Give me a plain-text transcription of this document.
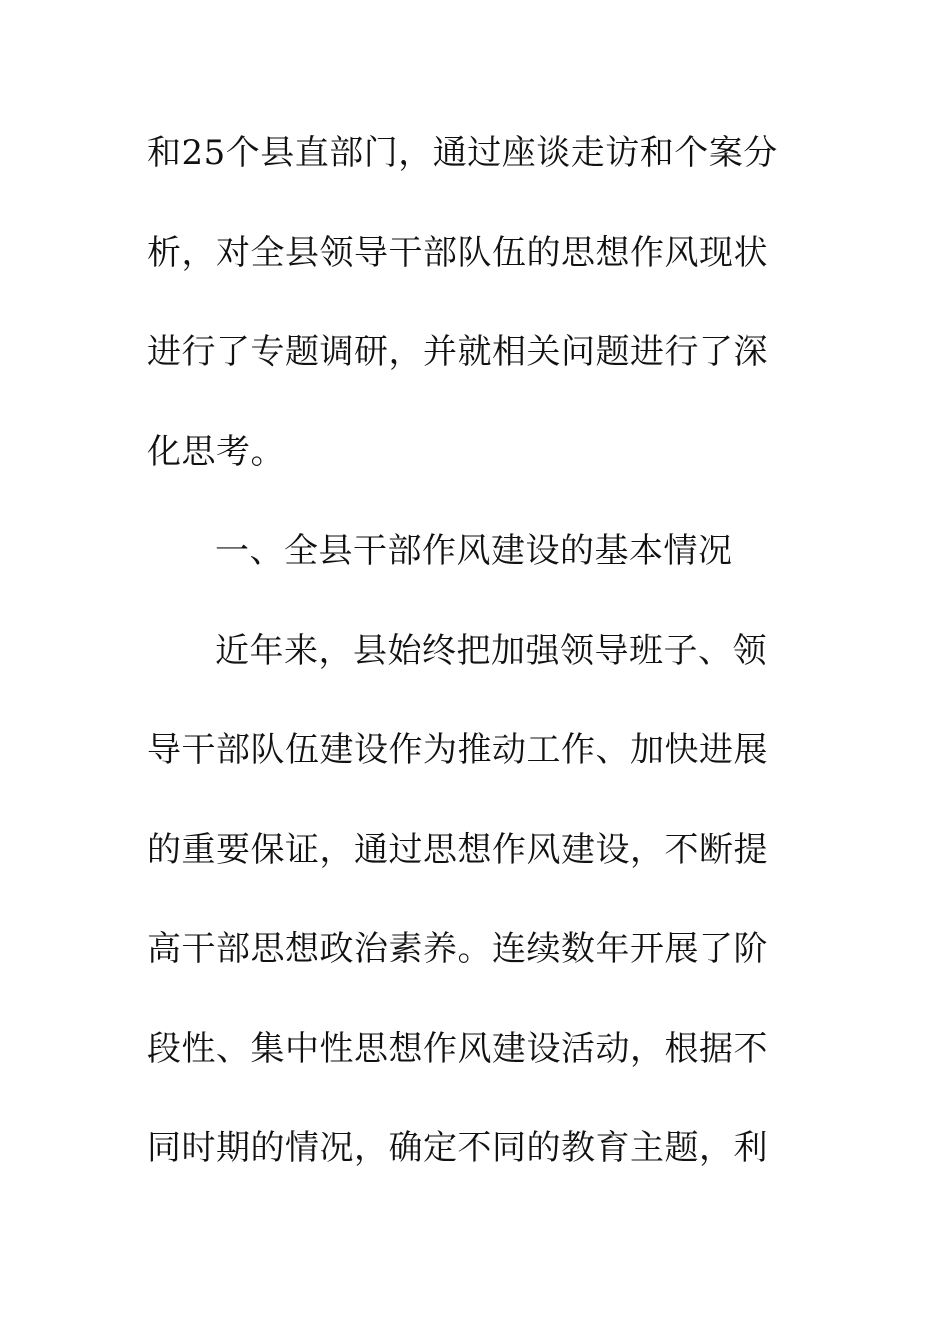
和25个县直部门，通过座谈走访和个案分
析，对全县领导干部队伍的思想作风现状
进行了专题调研，并就相关问题进行了深
化思考。
一、全县干部作风建设的基本情况
近年来，县始终把加强领导班子、领
导干部队伍建设作为推动工作、加快进展
的重要保证，通过思想作风建设，不断提
高干部思想政治素养。连续数年开展了阶
段性、集中性思想作风建设活动，根据不
同时期的情况，确定不同的教育主题，利
